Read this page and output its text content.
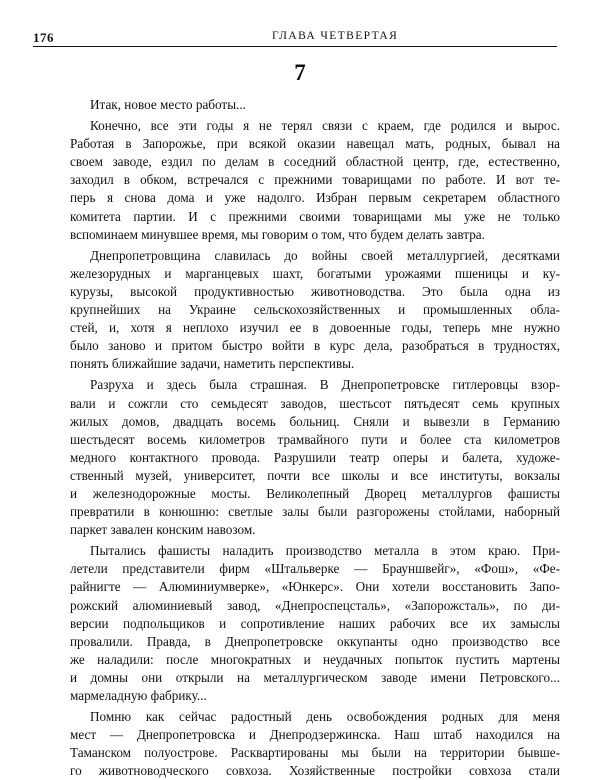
176	ГЛАВА ЧЕТВЕРТАЯ
7
Итак, новое место работы...
Конечно, все эти годы я не терял связи с краем, где родился и вырос.
Работая в Запорожье, при всякой оказии навещал мать, родных, бывал на
своем заводе, ездил по делам в соседний областной центр, где, естественно,
заходил в обком, встречался с прежними товарищами по работе. И вот те-
перь я снова дома и уже надолго. Избран первым секретарем областного
комитета партии. И с прежними своими товарищами мы уже не только
вспоминаем минувшее время, мы говорим о том, что будем делать завтра.
Днепропетровщина славилась до войны своей металлургией, десятками
железорудных и марганцевых шахт, богатыми урожаями пшеницы и ку-
курузы, высокой продуктивностью животноводства. Это была одна из
крупнейших на Украине сельскохозяйственных и промышленных обла-
стей, и, хотя я неплохо изучил ее в довоенные годы, теперь мне нужно
было заново и притом быстро войти в курс дела, разобраться в трудностях,
понять ближайшие задачи, наметить перспективы.
Разруха и здесь была страшная. В Днепропетровске гитлеровцы взор-
вали и сожгли сто семьдесят заводов, шестьсот пятьдесят семь крупных
жилых домов, двадцать восемь больниц. Сняли и вывезли в Германию
шестьдесят восемь километров трамвайного пути и более ста километров
медного контактного провода. Разрушили театр оперы и балета, художе-
ственный музей, университет, почти все школы и все институты, вокзалы
и железнодорожные мосты. Великолепный Дворец металлургов фашисты
превратили в конюшню: светлые залы были разгорожены стойлами, наборный
паркет завален конским навозом.
Пытались фашисты наладить производство металла в этом краю. При-
летели представители фирм «Штальверке — Брауншвейг», «Фош», «Фе-
райнигте — Алюминиумверке», «Юнкерс». Они хотели восстановить Запо-
рожский алюминиевый завод, «Днепроспецсталь», «Запорожсталь», по ди-
версии подпольщиков и сопротивление наших рабочих все их замыслы
провалили. Правда, в Днепропетровске оккупанты одно производство все
же наладили: после многократных и неудачных попыток пустить мартены
и домны они открыли на металлургическом заводе имени Петровского...
мармеладную фабрику...
Помню как сейчас радостный день освобождения родных для меня
мест — Днепропетровска и Днепродзержинска. Наш штаб находился на
Таманском полуострове. Расквартированы мы были на территории бывше-
го животноводческого совхоза. Хозяйственные постройки совхоза стали
